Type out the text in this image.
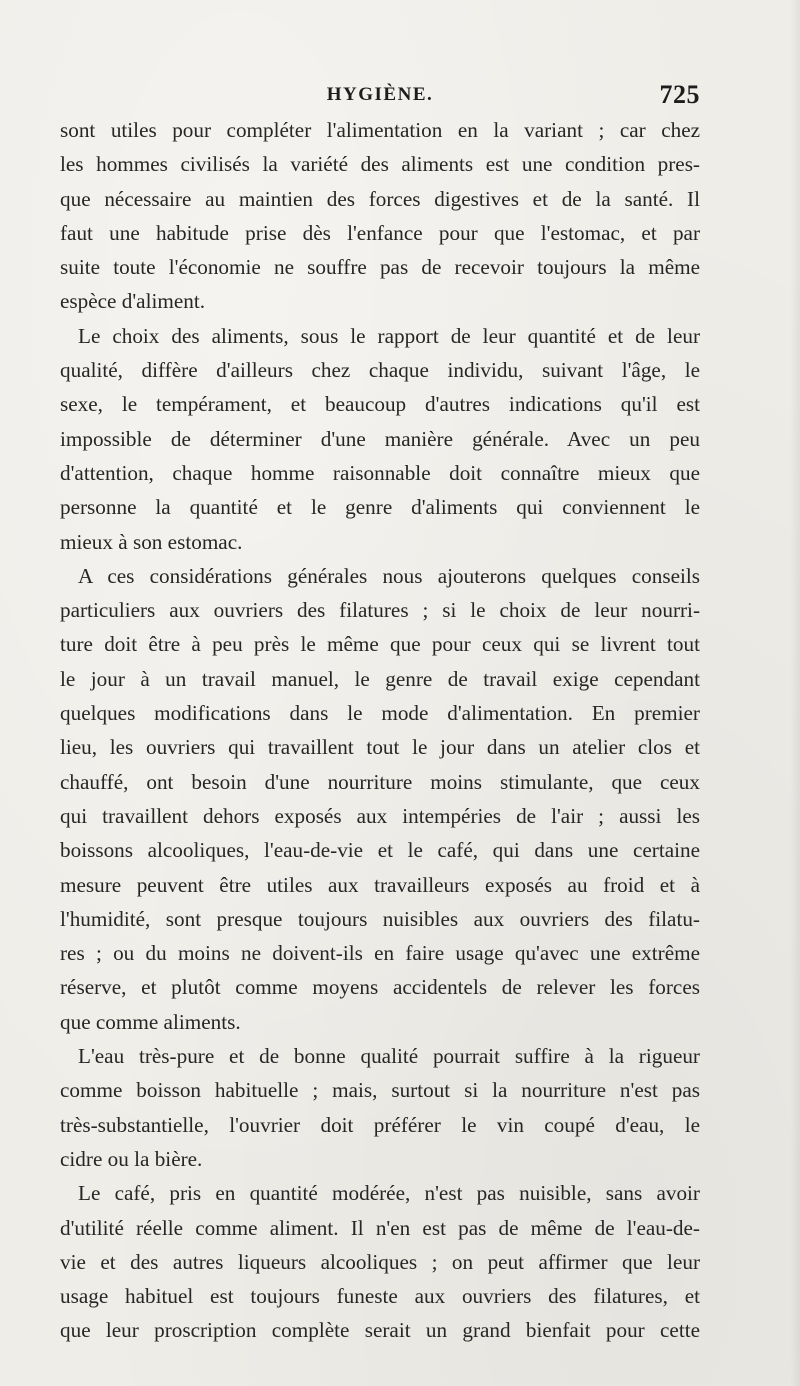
HYGIÈNE.	725
sont utiles pour compléter l'alimentation en la variant ; car chez
les hommes civilisés la variété des aliments est une condition pres-
que nécessaire au maintien des forces digestives et de la santé. Il
faut une habitude prise dès l'enfance pour que l'estomac, et par
suite toute l'économie ne souffre pas de recevoir toujours la même
espèce d'aliment.
Le choix des aliments, sous le rapport de leur quantité et de leur
qualité, diffère d'ailleurs chez chaque individu, suivant l'âge, le
sexe, le tempérament, et beaucoup d'autres indications qu'il est
impossible de déterminer d'une manière générale. Avec un peu
d'attention, chaque homme raisonnable doit connaître mieux que
personne la quantité et le genre d'aliments qui conviennent le
mieux à son estomac.
A ces considérations générales nous ajouterons quelques conseils
particuliers aux ouvriers des filatures ; si le choix de leur nourri-
ture doit être à peu près le même que pour ceux qui se livrent tout
le jour à un travail manuel, le genre de travail exige cependant
quelques modifications dans le mode d'alimentation. En premier
lieu, les ouvriers qui travaillent tout le jour dans un atelier clos et
chauffé, ont besoin d'une nourriture moins stimulante, que ceux
qui travaillent dehors exposés aux intempéries de l'air ; aussi les
boissons alcooliques, l'eau-de-vie et le café, qui dans une certaine
mesure peuvent être utiles aux travailleurs exposés au froid et à
l'humidité, sont presque toujours nuisibles aux ouvriers des filatu-
res ; ou du moins ne doivent-ils en faire usage qu'avec une extrême
réserve, et plutôt comme moyens accidentels de relever les forces
que comme aliments.
L'eau très-pure et de bonne qualité pourrait suffire à la rigueur
comme boisson habituelle ; mais, surtout si la nourriture n'est pas
très-substantielle, l'ouvrier doit préférer le vin coupé d'eau, le
cidre ou la bière.
Le café, pris en quantité modérée, n'est pas nuisible, sans avoir
d'utilité réelle comme aliment. Il n'en est pas de même de l'eau-de-
vie et des autres liqueurs alcooliques ; on peut affirmer que leur
usage habituel est toujours funeste aux ouvriers des filatures, et
que leur proscription complète serait un grand bienfait pour cette
